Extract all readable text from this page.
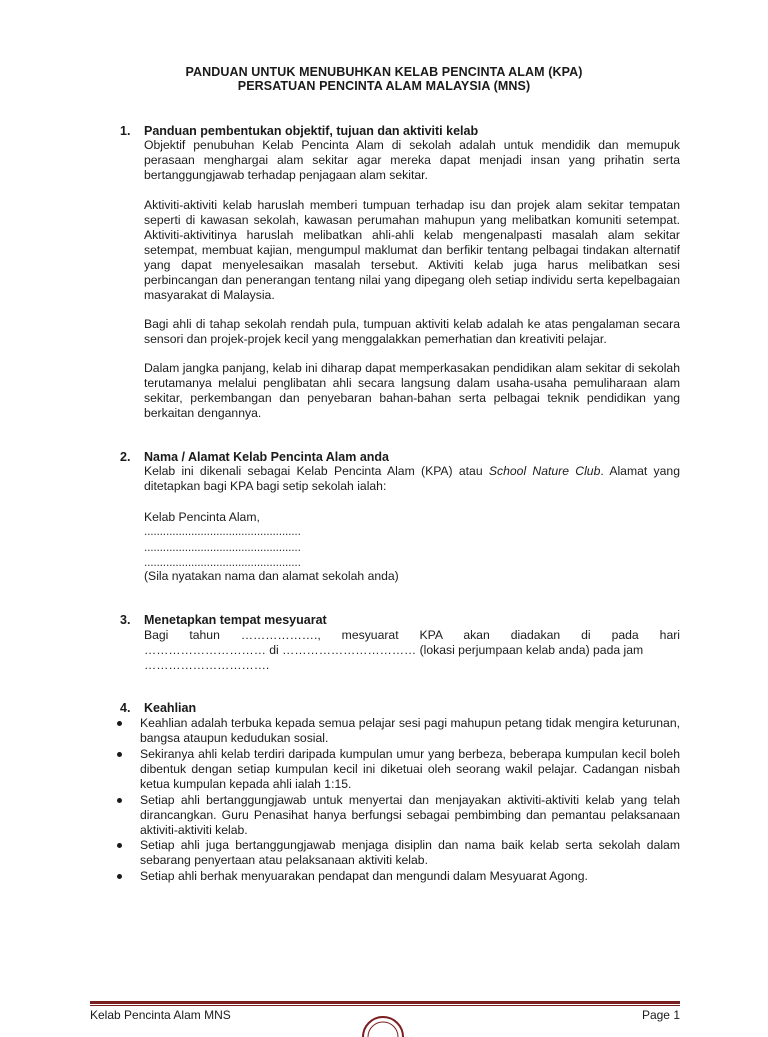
PANDUAN UNTUK MENUBUHKAN KELAB PENCINTA ALAM (KPA)
PERSATUAN PENCINTA ALAM MALAYSIA (MNS)
1. Panduan pembentukan objektif, tujuan dan aktiviti kelab

Objektif penubuhan Kelab Pencinta Alam di sekolah adalah untuk mendidik dan memupuk perasaan menghargai alam sekitar agar mereka dapat menjadi insan yang prihatin serta bertanggungjawab terhadap penjagaan alam sekitar.

Aktiviti-aktiviti kelab haruslah memberi tumpuan terhadap isu dan projek alam sekitar tempatan seperti di kawasan sekolah, kawasan perumahan mahupun yang melibatkan komuniti setempat. Aktiviti-aktivitinya haruslah melibatkan ahli-ahli kelab mengenalpasti masalah alam sekitar setempat, membuat kajian, mengumpul maklumat dan berfikir tentang pelbagai tindakan alternatif yang dapat menyelesaikan masalah tersebut. Aktiviti kelab juga harus melibatkan sesi perbincangan dan penerangan tentang nilai yang dipegang oleh setiap individu serta kepelbagaian masyarakat di Malaysia.

Bagi ahli di tahap sekolah rendah pula, tumpuan aktiviti kelab adalah ke atas pengalaman secara sensori dan projek-projek kecil yang menggalakkan pemerhatian dan kreativiti pelajar.

Dalam jangka panjang, kelab ini diharap dapat memperkasakan pendidikan alam sekitar di sekolah terutamanya melalui penglibatan ahli secara langsung dalam usaha-usaha pemuliharaan alam sekitar, perkembangan dan penyebaran bahan-bahan serta pelbagai teknik pendidikan yang berkaitan dengannya.

2. Nama / Alamat Kelab Pencinta Alam anda

Kelab ini dikenali sebagai Kelab Pencinta Alam (KPA) atau School Nature Club. Alamat yang ditetapkan bagi KPA bagi setip sekolah ialah:

Kelab Pencinta Alam,
..................................................
..................................................
..................................................
(Sila nyatakan nama dan alamat sekolah anda)
3. Menetapkan tempat mesyuarat
Bagi tahun ………………., mesyuarat KPA akan diadakan di pada hari
………………………… di …………………………… (lokasi perjumpaan kelab anda) pada jam
………………………….
4. Keahlian
Keahlian adalah terbuka kepada semua pelajar sesi pagi mahupun petang tidak mengira keturunan, bangsa ataupun kedudukan sosial.
Sekiranya ahli kelab terdiri daripada kumpulan umur yang berbeza, beberapa kumpulan kecil boleh dibentuk dengan setiap kumpulan kecil ini diketuai oleh seorang wakil pelajar. Cadangan nisbah ketua kumpulan kepada ahli ialah 1:15.
Setiap ahli bertanggungjawab untuk menyertai dan menjayakan aktiviti-aktiviti kelab yang telah dirancangkan. Guru Penasihat hanya berfungsi sebagai pembimbing dan pemantau pelaksanaan aktiviti-aktiviti kelab.
Setiap ahli juga bertanggungjawab menjaga disiplin dan nama baik kelab serta sekolah dalam sebarang penyertaan atau pelaksanaan aktiviti kelab.
Setiap ahli berhak menyuarakan pendapat dan mengundi dalam Mesyuarat Agong.
Kelab Pencinta Alam MNS	Page 1
